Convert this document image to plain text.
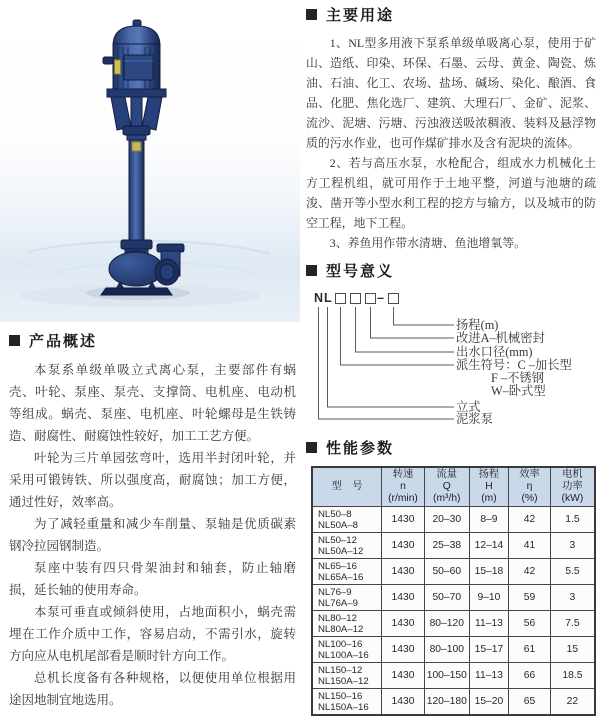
产品概述

本泵系单级单吸立式离心泵，主要部件有蜗壳、叶轮、泵座、泵壳、支撑筒、电机座、电动机等组成。蜗壳、泵座、电机座、叶轮螺母是生铁铸造、耐腐性、耐腐蚀性较好，加工工艺方便。

叶轮为三片单园弦弯叶，选用半封闭叶轮，并采用可锻铸铁、所以强度高，耐腐蚀；加工方便，通过性好，效率高。

为了减轻重量和减少车削量、泵轴是优质碳素钢冷拉园钢制造。

泵座中装有四只骨架油封和轴套，防止轴磨损，延长轴的使用寿命。

本泵可垂直或倾斜使用，占地面积小，蜗壳需埋在工作介质中工作，容易启动，不需引水，旋转方向应从电机尾部看是顺时针方向工作。

总机长度备有各种规格，以便使用单位根据用途因地制宜地选用。

主要用途

1、NL型多用液下泵系单级单吸离心泵，使用于矿山、造纸、印染、环保、石墨、云母、黄金、陶瓷、炼油、石油、化工、农场、盐场、碱场、染化、酿酒、食品、化肥、焦化选厂、建筑、大理石厂、金矿、泥浆、流沙、泥塘、污塘、污浊液送吸浓稠液、装料及悬浮物质的污水作业，也可作煤矿排水及含有泥块的流体。

2、若与高压水泵，水枪配合，组成水力机械化土方工程机组，就可用作于土地平整，河道与池塘的疏浚、凿开等小型水利工程的挖方与输方，以及城市的防空工程，地下工程。

3、养鱼用作带水清塘、鱼池增氧等。

型号意义
N L	–
扬程(m)
改进A–机械密封
出水口径(mm)
派生符号：C –加长型
F –不锈钢
W–卧式型
立式
泥浆泵
性能参数
型　号	转速
n
(r/min)	流量
Q
(m³/h)	扬程
H
(m)	效率
η
(%)	电机
功率
(kW)

NL50–8
NL50A–8	1430	20–30	8–9	42	1.5

NL50–12
NL50A–12	1430	25–38	12–14	41	3

NL65–16
NL65A–16	1430	50–60	15–18	42	5.5

NL76–9
NL76A–9	1430	50–70	9–10	59	3

NL80–12
NL80A–12	1430	80–120	11–13	56	7.5

NL100–16
NL100A–16	1430	80–100	15–17	61	15

NL150–12
NL150A–12	1430	100–150	11–13	66	18.5

NL150–16
NL150A–16	1430	120–180	15–20	65	22
